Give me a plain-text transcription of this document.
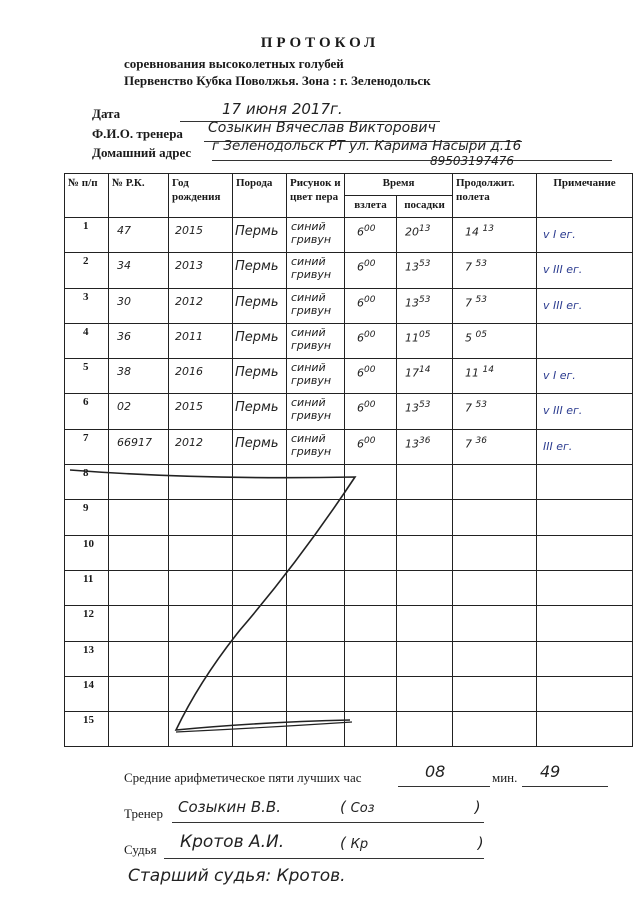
ПРОТОКОЛ
соревнования высоколетных голубей
Первенство Кубка Поволжья. Зона : г. Зеленодольск
Дата	17 июня 2017г.
Ф.И.О. тренера Созыкин Вячеслав Викторович
Домашний адрес г Зеленодольск РТ ул. Карима Насыри д.16
89503197476
№ п/п	№ Р.К.	Год рождения	Порода	Рисунок и цвет пера	Время		Продолжит. полета	Примечание
					взлета	посадки		
1	47	2015	Пермь	синий гривун	$6^{00}$	$20^{13}$	14 $^{13}$	v I ег.
2	34	2013	Пермь	синий гривун	$6^{00}$	$13^{53}$	7 $^{53}$	v III ег.
3	30	2012	Пермь	синий гривун	$6^{00}$	$13^{53}$	7 $^{53}$	v III ег.
4	36	2011	Пермь	синий гривун	$6^{00}$	$11^{05}$	5 $^{05}$	
5	38	2016	Пермь	синий гривун	$6^{00}$	$17^{14}$	11 $^{14}$	v I ег.
6	02	2015	Пермь	синий гривун	$6^{00}$	$13^{53}$	7 $^{53}$	v III ег.
7	66917	2012	Пермь	синий гривун	$6^{00}$	$13^{36}$	7 $^{36}$	III ег.
8								
9								
10								
11								
12								
13								
14								
15								
Средние арифметическое пяти лучших час	08	мин. 49
Тренер Созыкин В.В.	( Соз                     )
Судья Кротов А.И.	( Кр                       )
Старший судья: Кротов.
